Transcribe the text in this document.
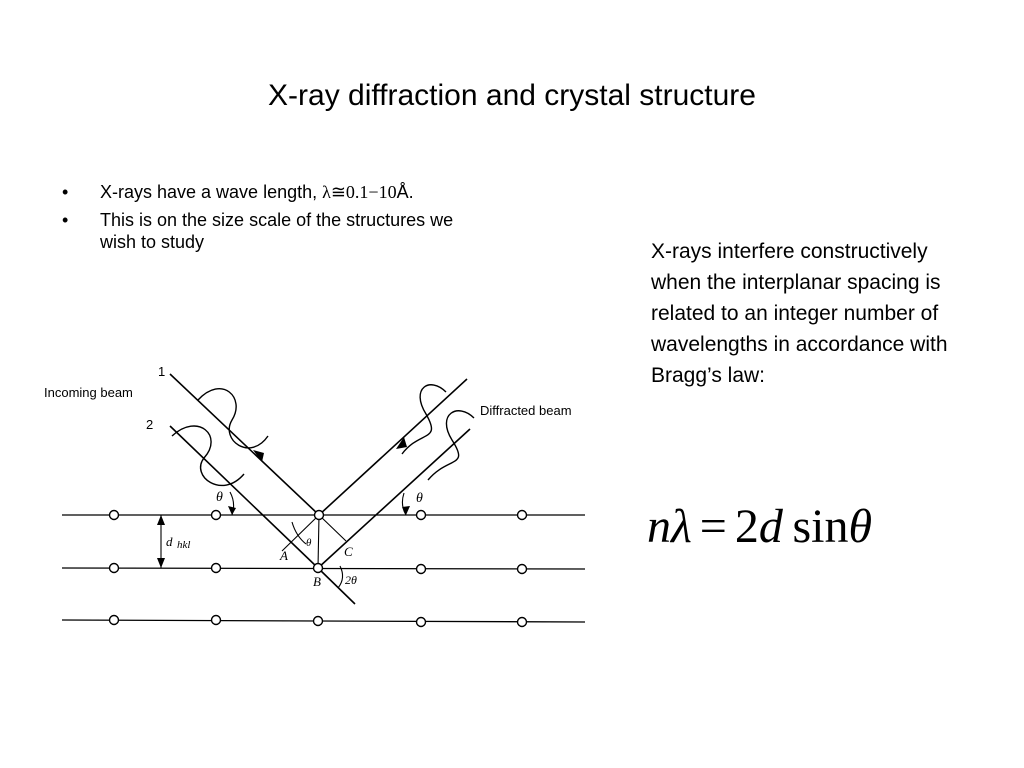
X-ray diffraction and crystal structure
• X-rays have a wave length, λ≅0.1−10Å.
• This is on the size scale of the structures we wish to study	X-rays interfere constructively when the interplanar spacing is related to an integer number of wavelengths in accordance with Bragg’s law:
nλ = 2d  sinθ
Incoming beam
Diffracted beam
1
2
θ	θ
θ
d hkl
A
B
C
2θ
